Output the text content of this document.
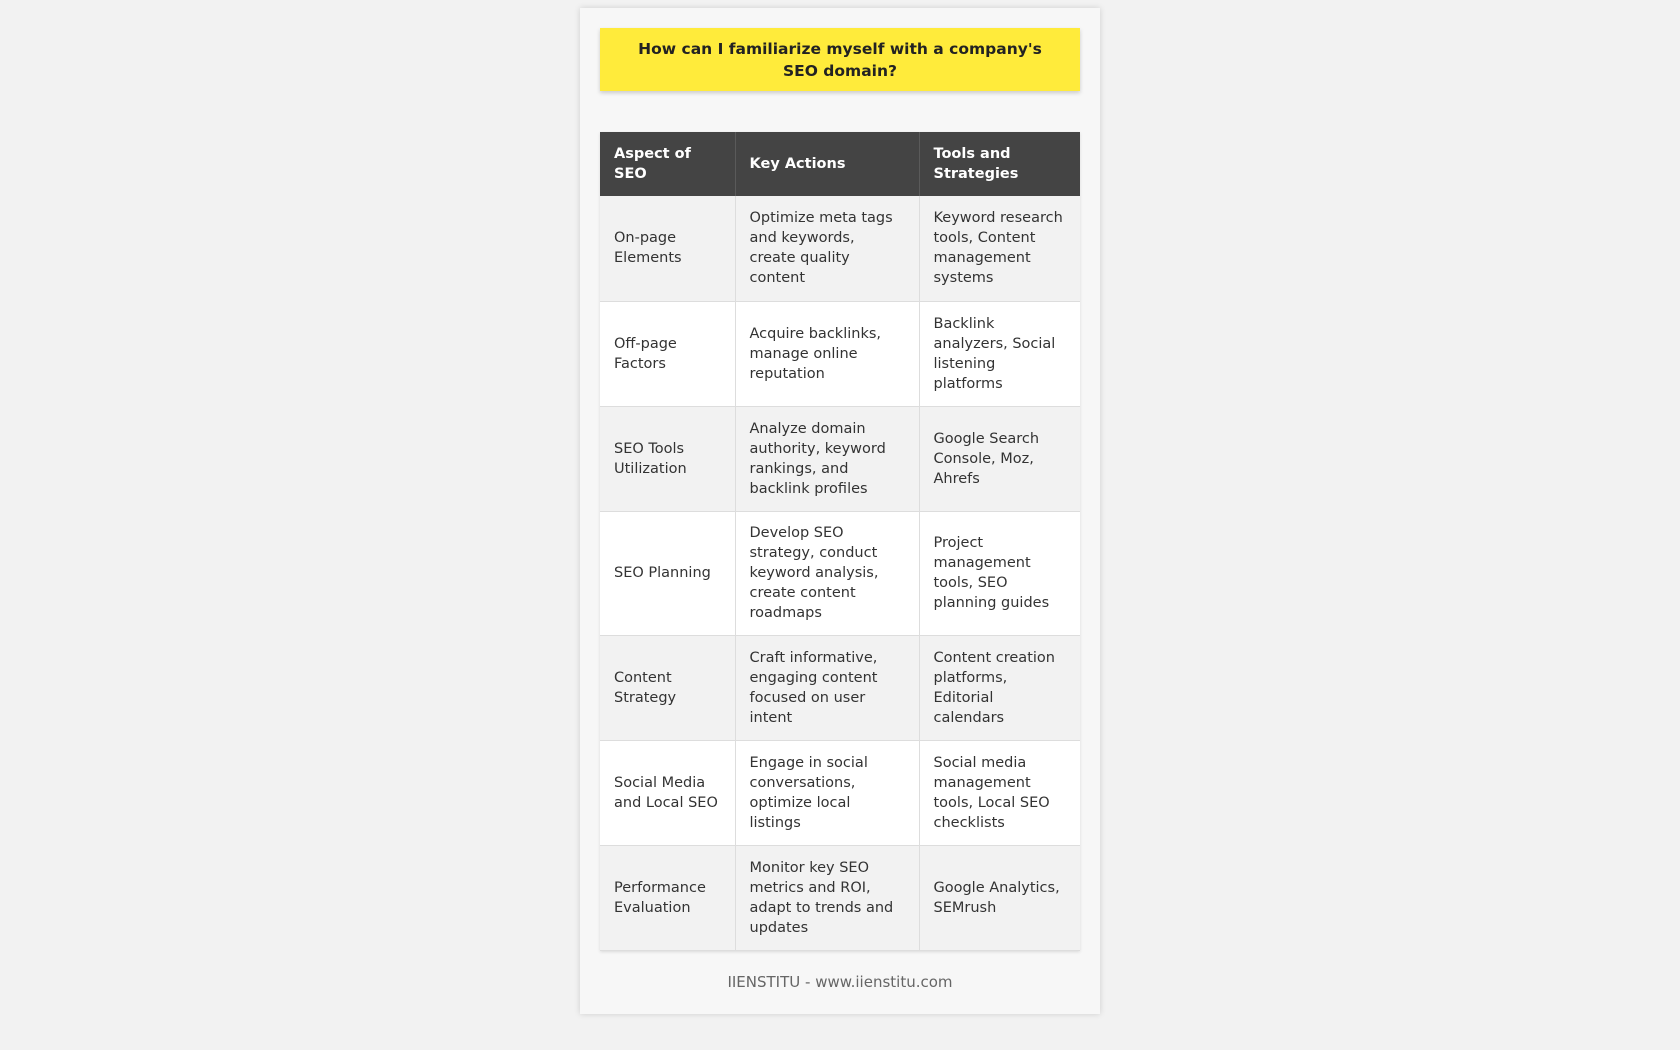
How can I familiarize myself with a company's SEO domain?
Aspect of SEO	Key Actions	Tools and Strategies
On-page Elements	Optimize meta tags and keywords, create quality content	Keyword research tools, Content management systems
Off-page Factors	Acquire backlinks, manage online reputation	Backlink analyzers, Social listening platforms
SEO Tools Utilization	Analyze domain authority, keyword rankings, and backlink profiles	Google Search Console, Moz, Ahrefs
SEO Planning	Develop SEO strategy, conduct keyword analysis, create content roadmaps	Project management tools, SEO planning guides
Content Strategy	Craft informative, engaging content focused on user intent	Content creation platforms, Editorial calendars
Social Media and Local SEO	Engage in social conversations, optimize local listings	Social media management tools, Local SEO checklists
Performance Evaluation	Monitor key SEO metrics and ROI, adapt to trends and updates	Google Analytics, SEMrush
IIENSTITU - www.iienstitu.com
